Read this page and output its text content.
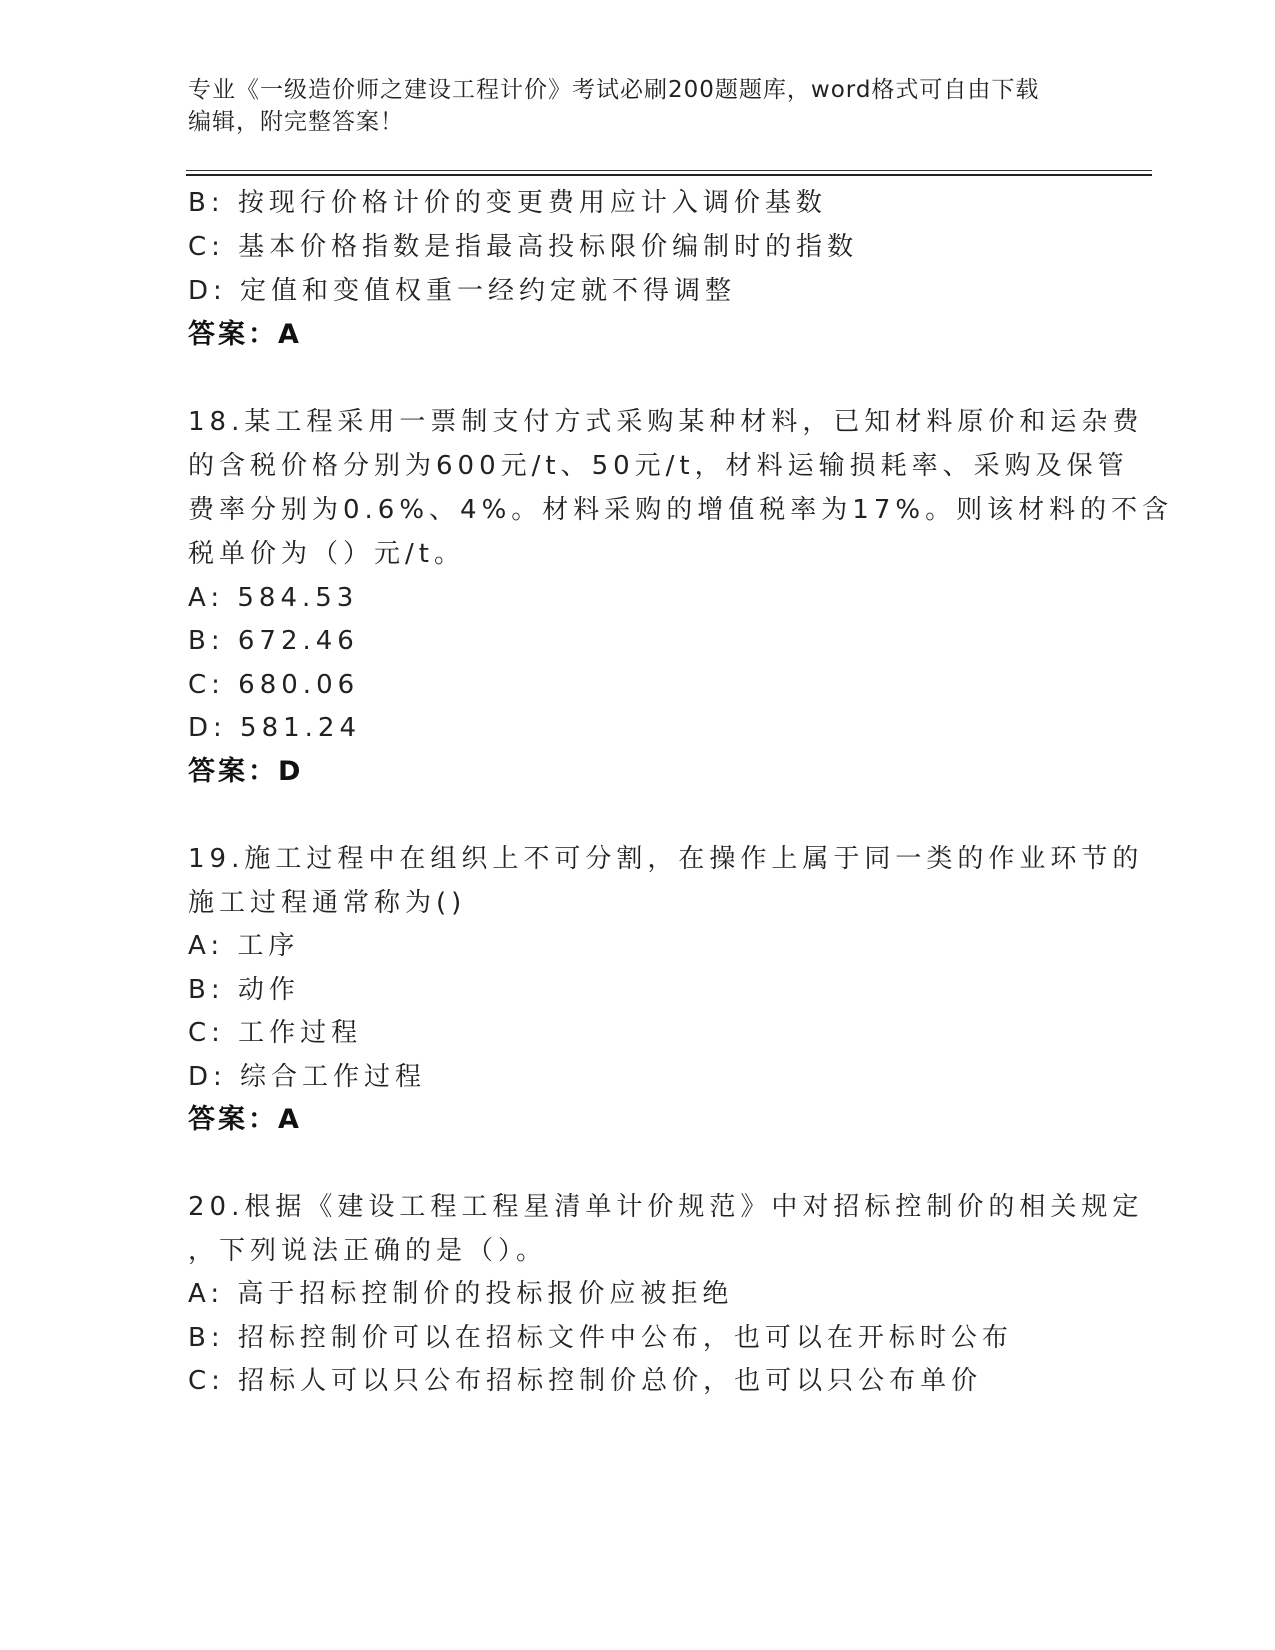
专业《一级造价师之建设工程计价》考试必刷200题题库，word格式可自由下载
编辑，附完整答案！
B: 按现行价格计价的变更费用应计入调价基数
C: 基本价格指数是指最高投标限价编制时的指数
D: 定值和变值权重一经约定就不得调整
答案：A
18.某工程采用一票制支付方式采购某种材料，已知材料原价和运杂费
的含税价格分别为600元/t、50元/t，材料运输损耗率、采购及保管
费率分别为0.6%、4%。材料采购的增值税率为17%。则该材料的不含
税单价为（）元/t。
A: 584.53
B: 672.46
C: 680.06
D: 581.24
答案：D
19.施工过程中在组织上不可分割，在操作上属于同一类的作业环节的
施工过程通常称为()
A: 工序
B: 动作
C: 工作过程
D: 综合工作过程
答案：A
20.根据《建设工程工程星清单计价规范》中对招标控制价的相关规定
，下列说法正确的是（）。
A: 高于招标控制价的投标报价应被拒绝
B: 招标控制价可以在招标文件中公布，也可以在开标时公布
C: 招标人可以只公布招标控制价总价，也可以只公布单价
